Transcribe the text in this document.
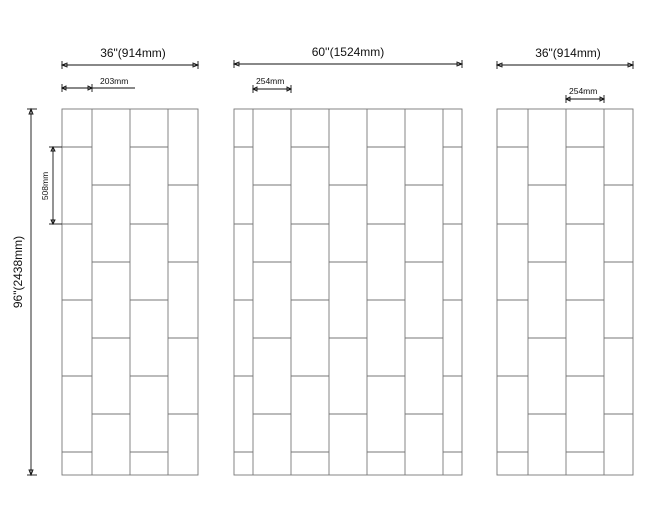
36"(914mm)
203mm
508mm
96"(2438mm)
60''(1524mm)
254mm
36"(914mm)
254mm
